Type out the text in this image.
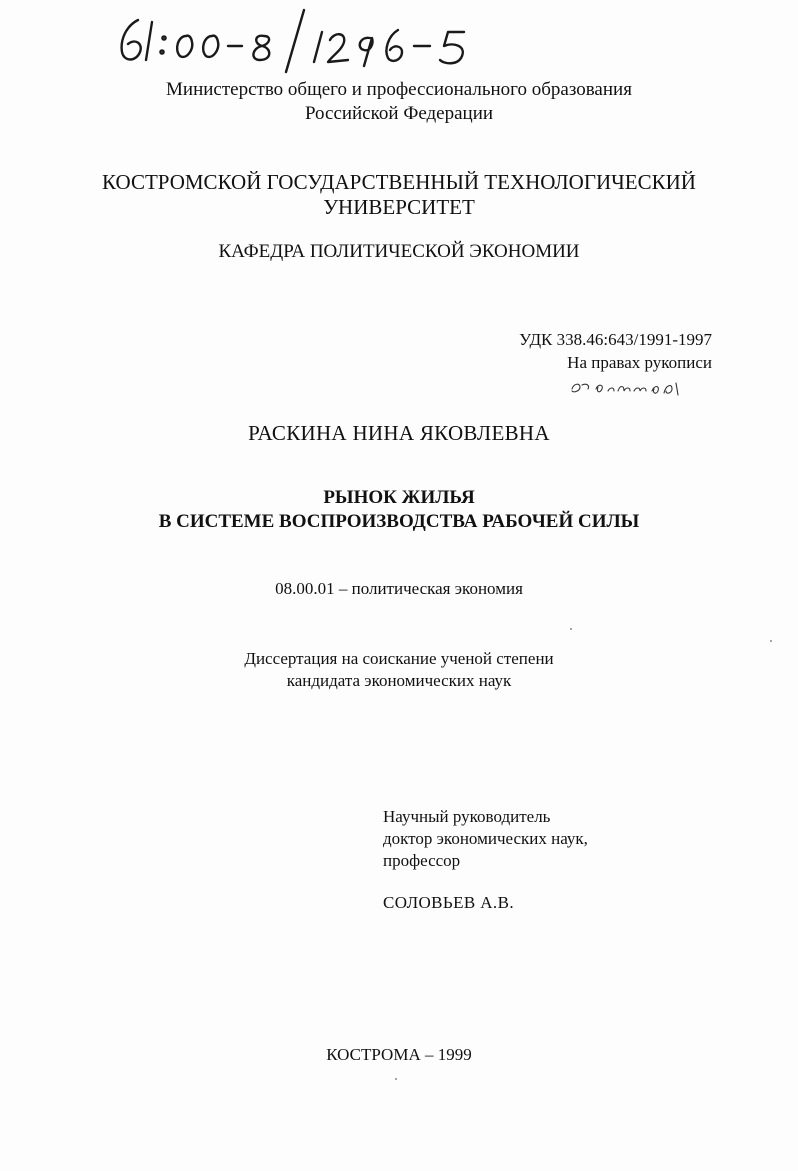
Министерство общего и профессионального образования
Российской Федерации
КОСТРОМСКОЙ ГОСУДАРСТВЕННЫЙ ТЕХНОЛОГИЧЕСКИЙ
УНИВЕРСИТЕТ
КАФЕДРА ПОЛИТИЧЕСКОЙ ЭКОНОМИИ
УДК 338.46:643/1991-1997
На правах рукописи
РАСКИНА НИНА ЯКОВЛЕВНА
РЫНОК ЖИЛЬЯ
В СИСТЕМЕ ВОСПРОИЗВОДСТВА РАБОЧЕЙ СИЛЫ
08.00.01 – политическая экономия
Диссертация на соискание ученой степени
кандидата экономических наук
Научный руководитель
доктор экономических наук,
профессор
СОЛОВЬЕВ А.В.
КОСТРОМА – 1999
